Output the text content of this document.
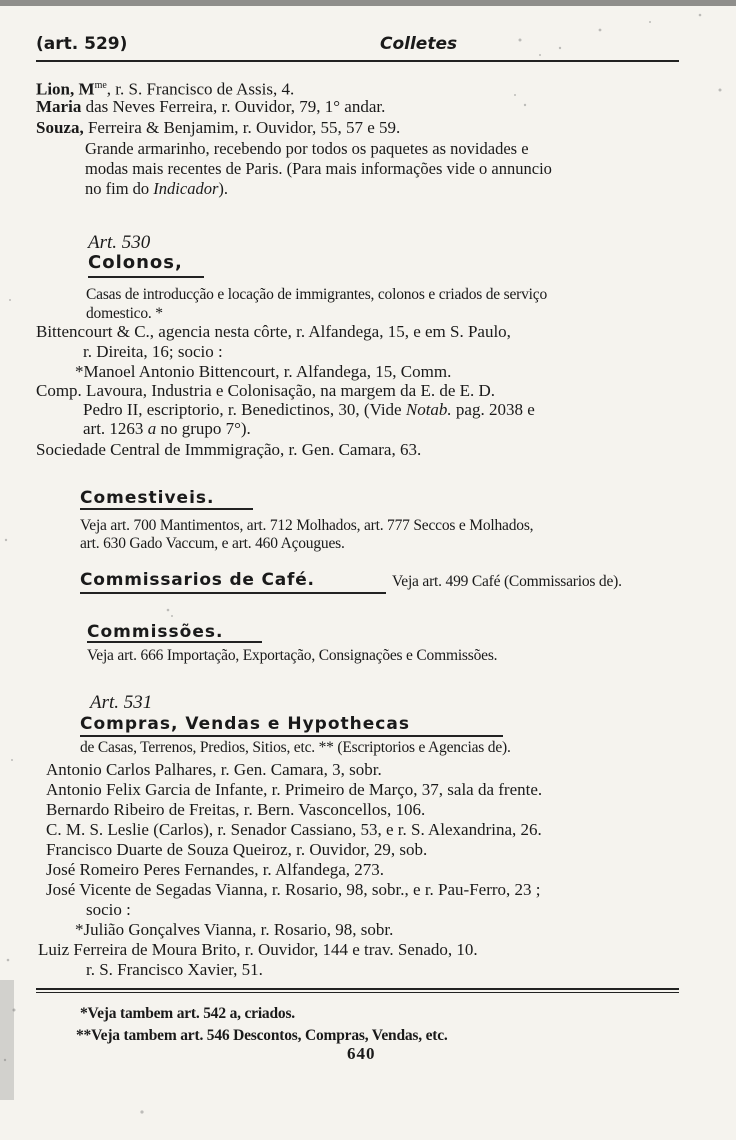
(art. 529)	Colletes
Lion, $M^{me}$, r. S. Francisco de Assis, 4.
Maria das Neves Ferreira, r. Ouvidor, 79, 1° andar.
Souza, Ferreira & Benjamim, r. Ouvidor, 55, 57 e 59.
Grande armarinho, recebendo por todos os paquetes as novidades e
modas mais recentes de Paris. (Para mais informações vide o annuncio
no fim do Indicador).
Art. 530
Colonos,
Casas de introducção e locação de immigrantes, colonos e criados de serviço
domestico. *
Bittencourt & C., agencia nesta côrte, r. Alfandega, 15, e em S. Paulo,
r. Direita, 16; socio :
*Manoel Antonio Bittencourt, r. Alfandega, 15, Comm.
Comp. Lavoura, Industria e Colonisação, na margem da E. de E. D.
Pedro II, escriptorio, r. Benedictinos, 30, (Vide Notab. pag. 2038 e
art. 1263 a no grupo 7°).
Sociedade Central de Immmigração, r. Gen. Camara, 63.
Comestiveis.
Veja art. 700 Mantimentos, art. 712 Molhados, art. 777 Seccos e Molhados,
art. 630 Gado Vaccum, e art. 460 Açougues.
Commissarios de Café.	Veja art. 499 Café (Commissarios de).
Commissões.
Veja art. 666 Importação, Exportação, Consignações e Commissões.
Art. 531
Compras, Vendas e Hypothecas
de Casas, Terrenos, Predios, Sitios, etc. ** (Escriptorios e Agencias de).
Antonio Carlos Palhares, r. Gen. Camara, 3, sobr.
Antonio Felix Garcia de Infante, r. Primeiro de Março, 37, sala da frente.
Bernardo Ribeiro de Freitas, r. Bern. Vasconcellos, 106.
C. M. S. Leslie (Carlos), r. Senador Cassiano, 53, e r. S. Alexandrina, 26.
Francisco Duarte de Souza Queiroz, r. Ouvidor, 29, sob.
José Romeiro Peres Fernandes, r. Alfandega, 273.
José Vicente de Segadas Vianna, r. Rosario, 98, sobr., e r. Pau-Ferro, 23 ;
socio :
*Julião Gonçalves Vianna, r. Rosario, 98, sobr.
Luiz Ferreira de Moura Brito, r. Ouvidor, 144 e trav. Senado, 10.
r. S. Francisco Xavier, 51.
*Veja tambem art. 542 a, criados.
**Veja tambem art. 546 Descontos, Compras, Vendas, etc.
640
